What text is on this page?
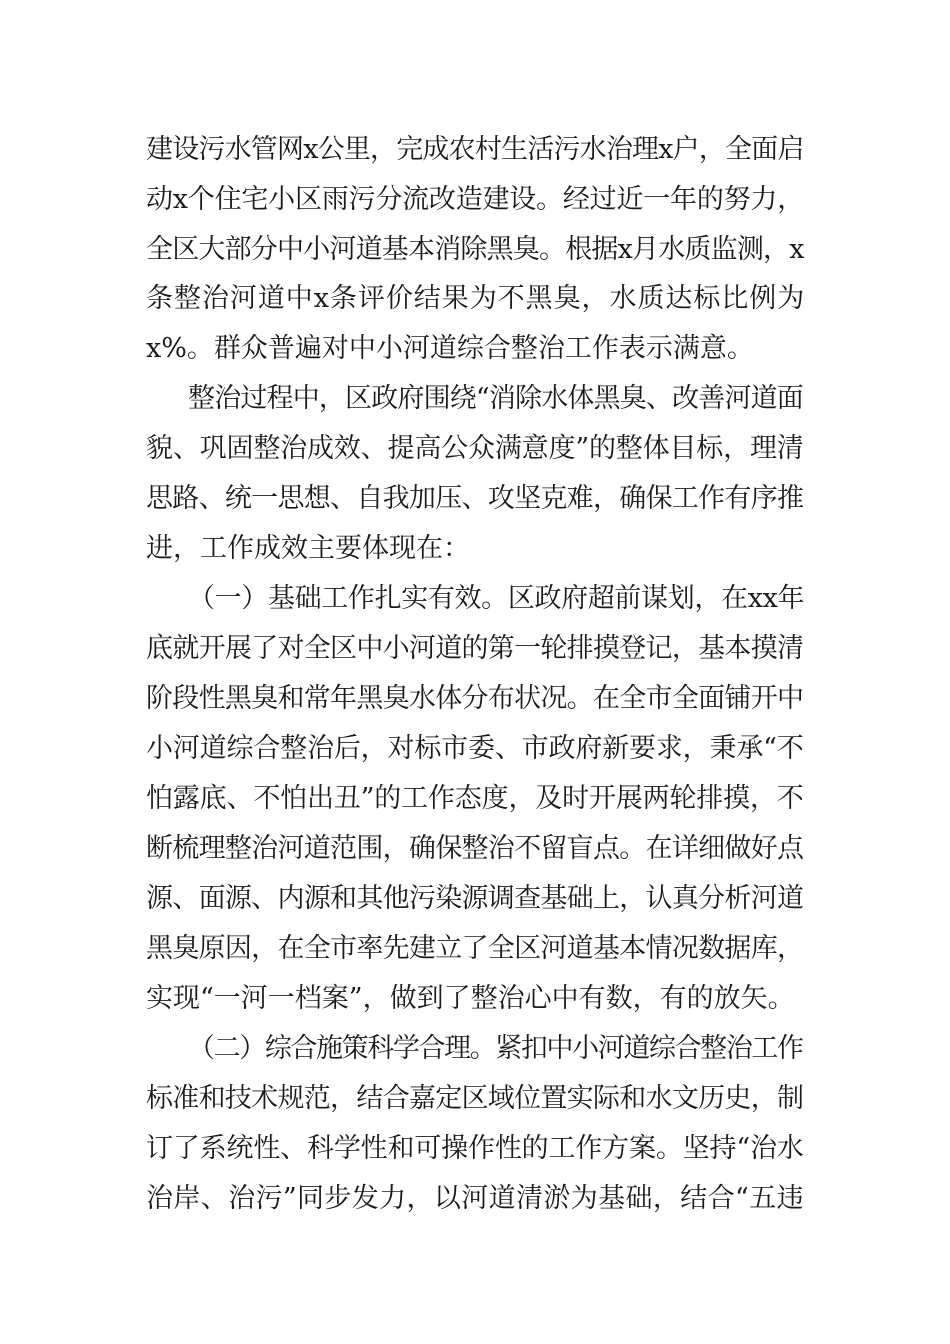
建设污水管网x公里，完成农村生活污水治理x户，全面启
动x个住宅小区雨污分流改造建设。经过近一年的努力，
全区大部分中小河道基本消除黑臭。根据x月水质监测，x
条整治河道中x条评价结果为不黑臭，水质达标比例为
x%。群众普遍对中小河道综合整治工作表示满意。
整治过程中，区政府围绕“消除水体黑臭、改善河道面
貌、巩固整治成效、提高公众满意度”的整体目标，理清
思路、统一思想、自我加压、攻坚克难，确保工作有序推
进，工作成效主要体现在：
（一）基础工作扎实有效。区政府超前谋划，在xx年
底就开展了对全区中小河道的第一轮排摸登记，基本摸清
阶段性黑臭和常年黑臭水体分布状况。在全市全面铺开中
小河道综合整治后，对标市委、市政府新要求，秉承“不
怕露底、不怕出丑”的工作态度，及时开展两轮排摸，不
断梳理整治河道范围，确保整治不留盲点。在详细做好点
源、面源、内源和其他污染源调查基础上，认真分析河道
黑臭原因，在全市率先建立了全区河道基本情况数据库，
实现“一河一档案”，做到了整治心中有数，有的放矢。
（二）综合施策科学合理。紧扣中小河道综合整治工作
标准和技术规范，结合嘉定区域位置实际和水文历史，制
订了系统性、科学性和可操作性的工作方案。坚持“治水
治岸、治污”同步发力，以河道清淤为基础，结合“五违
